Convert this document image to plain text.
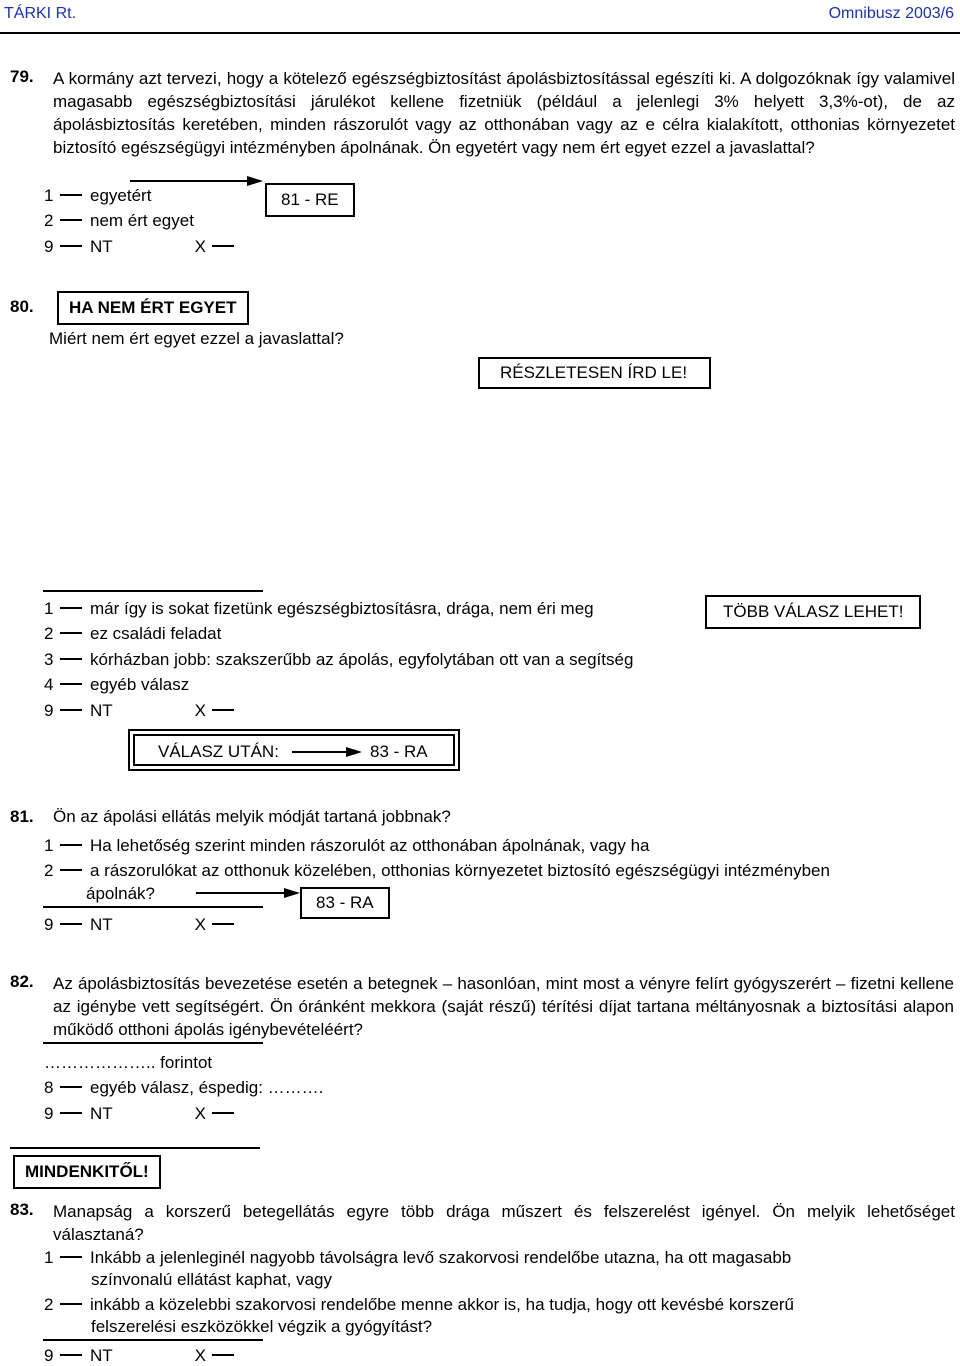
TÁRKI Rt.	Omnibusz 2003/6
79. A kormány azt tervezi, hogy a kötelező egészségbiztosítást ápolásbiztosítással egészíti ki. A dolgozóknak így valamivel magasabb egészségbiztosítási járulékot kellene fizetniük (például a jelenlegi 3% helyett 3,3%-ot), de az ápolásbiztosítás keretében, minden rászorulót vagy az otthonában vagy az e célra kialakított, otthonias környezetet biztosító egészségügyi intézményben ápolnának. Ön egyetért vagy nem ért egyet ezzel a javaslattal?
1 egyetért	81 - RE
2 nem ért egyet
9 NT	X
80.	HA NEM ÉRT EGYET
Miért nem ért egyet ezzel a javaslattal?
RÉSZLETESEN ÍRD LE!
TÖBB VÁLASZ LEHET!
1 már így is sokat fizetünk egészségbiztosításra, drága, nem éri meg
2 ez családi feladat
3 kórházban jobb: szakszerűbb az ápolás, egyfolytában ott van a segítség
4 egyéb válasz
9 NT	X
VÁLASZ UTÁN:	83 - RA
81. Ön az ápolási ellátás melyik módját tartaná jobbnak?
1 Ha lehetőség szerint minden rászorulót az otthonában ápolnának, vagy ha
2 a rászorulókat az otthonuk közelében, otthonias környezetet biztosító egészségügyi intézményben
ápolnák?	83 - RA
9 NT	X
82. Az ápolásbiztosítás bevezetése esetén a betegnek – hasonlóan, mint most a vényre felírt gyógyszerért – fizetni kellene az igénybe vett segítségért. Ön óránként mekkora (saját részű) térítési díjat tartana méltányosnak a biztosítási alapon működő otthoni ápolás igénybevételéért?
……………….. forintot
8 egyéb válasz, éspedig: ……….
9 NT	X
MINDENKITŐL!
83. Manapság a korszerű betegellátás egyre több drága műszert és felszerelést igényel. Ön melyik lehetőséget választaná?
1 Inkább a jelenleginél nagyobb távolságra levő szakorvosi rendelőbe utazna, ha ott magasabb
színvonalú ellátást kaphat, vagy
2 inkább a közelebbi szakorvosi rendelőbe menne akkor is, ha tudja, hogy ott kevésbé korszerű
felszerelési eszközökkel végzik a gyógyítást?
9 NT	X
